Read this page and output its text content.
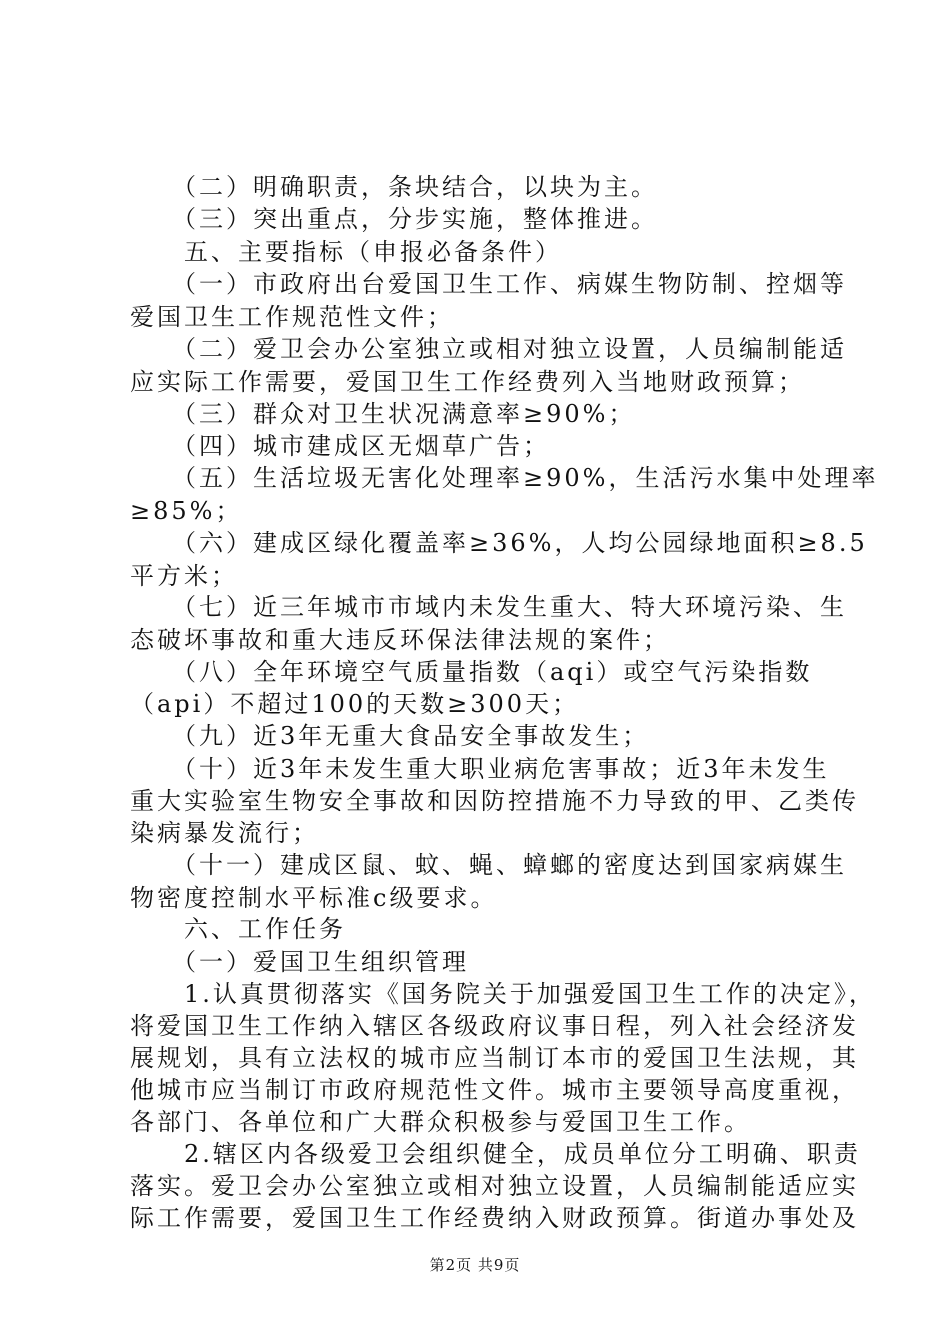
　　（二）明确职责，条块结合，以块为主。
　　（三）突出重点，分步实施，整体推进。
　　五、主要指标（申报必备条件）
　　（一）市政府出台爱国卫生工作、病媒生物防制、控烟等
爱国卫生工作规范性文件；
　　（二）爱卫会办公室独立或相对独立设置，人员编制能适
应实际工作需要，爱国卫生工作经费列入当地财政预算；
　　（三）群众对卫生状况满意率≥90%；
　　（四）城市建成区无烟草广告；
　　（五）生活垃圾无害化处理率≥90%，生活污水集中处理率
≥85%；
　　（六）建成区绿化覆盖率≥36%，人均公园绿地面积≥8.5
平方米；
　　（七）近三年城市市域内未发生重大、特大环境污染、生
态破坏事故和重大违反环保法律法规的案件；
　　（八）全年环境空气质量指数（aqi）或空气污染指数
（api）不超过100的天数≥300天；
　　（九）近3年无重大食品安全事故发生；
　　（十）近3年未发生重大职业病危害事故；近3年未发生
重大实验室生物安全事故和因防控措施不力导致的甲、乙类传
染病暴发流行；
　　（十一）建成区鼠、蚊、蝇、蟑螂的密度达到国家病媒生
物密度控制水平标准c级要求。
　　六、工作任务
　　（一）爱国卫生组织管理
　　1.认真贯彻落实《国务院关于加强爱国卫生工作的决定》，
将爱国卫生工作纳入辖区各级政府议事日程，列入社会经济发
展规划，具有立法权的城市应当制订本市的爱国卫生法规，其
他城市应当制订市政府规范性文件。城市主要领导高度重视，
各部门、各单位和广大群众积极参与爱国卫生工作。
　　2.辖区内各级爱卫会组织健全，成员单位分工明确、职责
落实。爱卫会办公室独立或相对独立设置，人员编制能适应实
际工作需要，爱国卫生工作经费纳入财政预算。街道办事处及
第2页 共9页
